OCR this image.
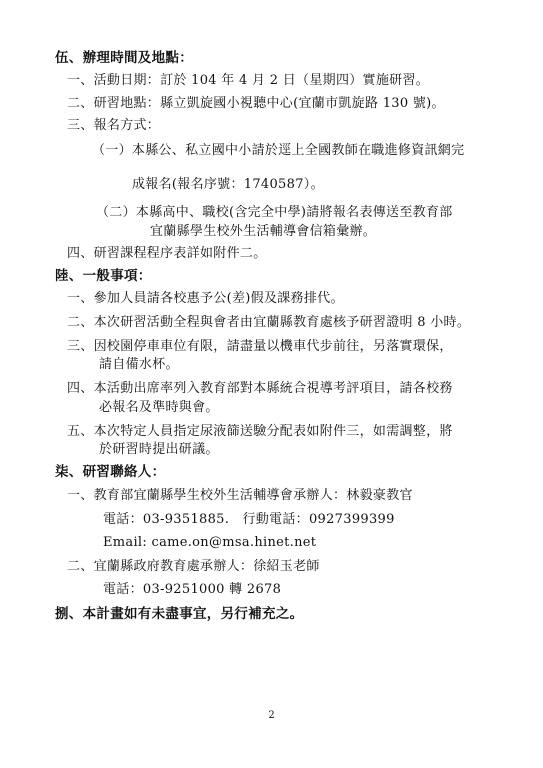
伍、辦理時間及地點：
一、活動日期：訂於 104 年 4 月 2 日（星期四）實施研習。
二、研習地點：縣立凱旋國小視聽中心(宜蘭市凱旋路 130 號)。
三、報名方式：
（一）本縣公、私立國中小請於逕上全國教師在職進修資訊網完
成報名(報名序號：1740587）。
（二）本縣高中、職校(含完全中學)請將報名表傳送至教育部
宜蘭縣學生校外生活輔導會信箱彙辦。
四、研習課程程序表詳如附件二。
陸、一般事項：
一、參加人員請各校惠予公(差)假及課務排代。
二、本次研習活動全程與會者由宜蘭縣教育處核予研習證明 8 小時。
三、因校園停車車位有限，請盡量以機車代步前往，另落實環保，
請自備水杯。
四、本活動出席率列入教育部對本縣統合視導考評項目，請各校務
必報名及準時與會。
五、本次特定人員指定尿液篩送驗分配表如附件三，如需調整，將
於研習時提出研議。
柒、研習聯絡人：
一、教育部宜蘭縣學生校外生活輔導會承辦人：林毅豪教官
電話：03-9351885.　行動電話：0927399399
Email: came.on@msa.hinet.net
二、宜蘭縣政府教育處承辦人：徐紹玉老師
電話：03-9251000 轉 2678
捌、本計畫如有未盡事宜，另行補充之。
2
